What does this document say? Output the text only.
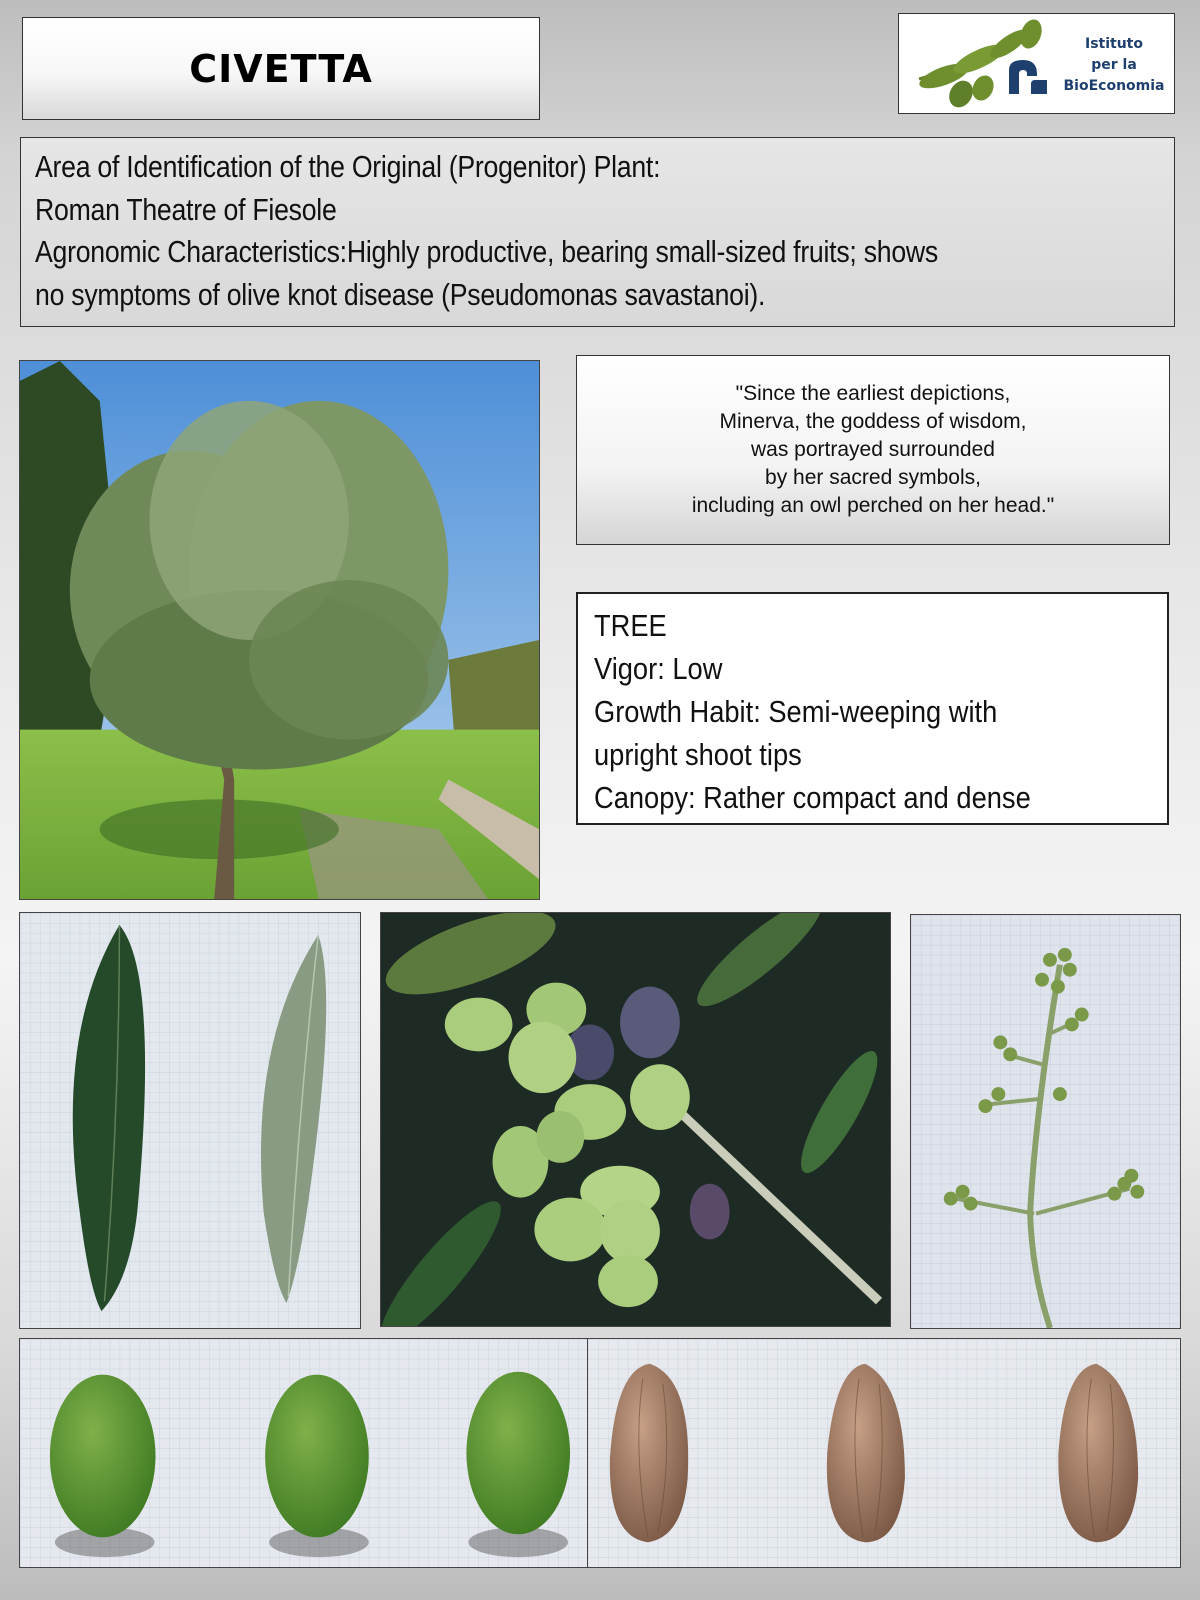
CIVETTA
Istituto
per la
BioEconomia
Area of Identification of the Original (Progenitor) Plant:
Roman Theatre of Fiesole
Agronomic Characteristics:Highly productive, bearing small-sized fruits; shows
no symptoms of olive knot disease (Pseudomonas savastanoi).
"Since the earliest depictions,
Minerva, the goddess of wisdom,
was portrayed surrounded
by her sacred symbols,
including an owl perched on her head."
TREE
Vigor: Low
Growth Habit: Semi-weeping with
upright shoot tips
Canopy: Rather compact and dense
